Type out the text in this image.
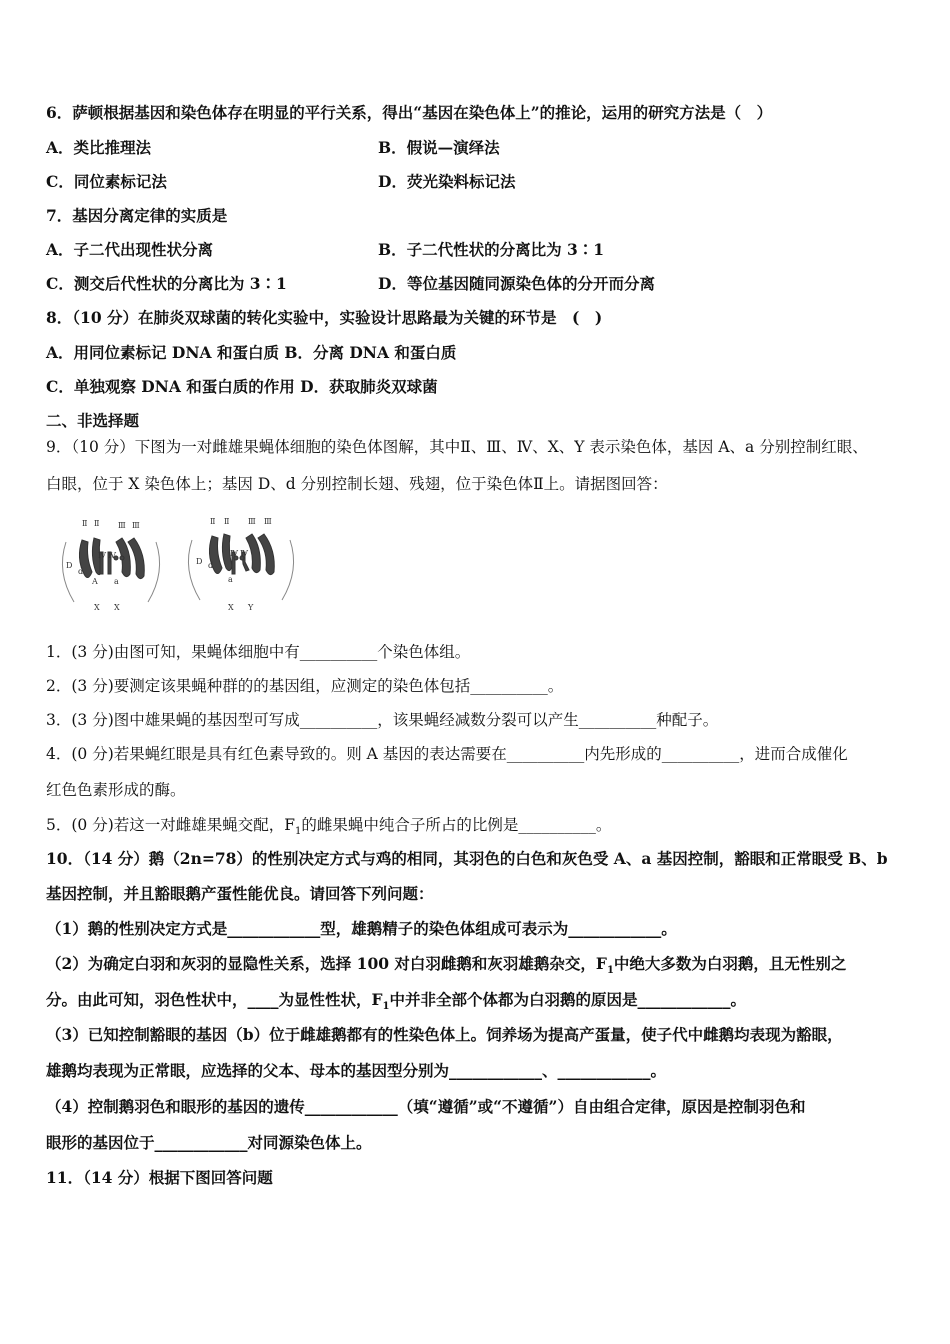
6．萨顿根据基因和染色体存在明显的平行关系，得出“基因在染色体上”的推论，运用的研究方法是（　）
A．类比推理法	B．假说—演绎法
C．同位素标记法	D．荧光染料标记法
7．基因分离定律的实质是
A．子二代出现性状分离	B．子二代性状的分离比为 3∶1
C．测交后代性状的分离比为 3∶1	D．等位基因随同源染色体的分开而分离
8．（10 分）在肺炎双球菌的转化实验中，实验设计思路最为关键的环节是　(　)
A．用同位素标记 DNA 和蛋白质 B．分离 DNA 和蛋白质
C．单独观察 DNA 和蛋白质的作用 D．获取肺炎双球菌
二、非选择题
9．（10 分）下图为一对雌雄果蝇体细胞的染色体图解，其中Ⅱ、Ⅲ、Ⅳ、X、Y 表示染色体，基因 A、a 分别控制红眼、
白眼，位于 X 染色体上；基因 D、d 分别控制长翅、残翅，位于染色体Ⅱ上。请据图回答：
Ⅱ Ⅱ Ⅲ Ⅲ
D
d
Ⅳ Ⅳ
A a
X X
Ⅱ Ⅱ Ⅲ Ⅲ
D d
Ⅳ Ⅳ
a
X Y
1．(3 分)由图可知，果蝇体细胞中有__________个染色体组。
2．(3 分)要测定该果蝇种群的的基因组，应测定的染色体包括__________。
3．(3 分)图中雄果蝇的基因型可写成__________，该果蝇经减数分裂可以产生__________种配子。
4．(0 分)若果蝇红眼是具有红色素导致的。则 A 基因的表达需要在__________内先形成的__________，进而合成催化
红色色素形成的酶。
5．(0 分)若这一对雌雄果蝇交配，$F_1$的雌果蝇中纯合子所占的比例是__________。
10．（14 分）鹅（2n=78）的性别决定方式与鸡的相同，其羽色的白色和灰色受 A、a 基因控制，豁眼和正常眼受 B、b
基因控制，并且豁眼鹅产蛋性能优良。请回答下列问题：
（1）鹅的性别决定方式是____________型，雄鹅精子的染色体组成可表示为____________。
（2）为确定白羽和灰羽的显隐性关系，选择 100 对白羽雌鹅和灰羽雄鹅杂交，$F_1$中绝大多数为白羽鹅，且无性别之
分。由此可知，羽色性状中，____为显性性状，$F_1$中并非全部个体都为白羽鹅的原因是____________。
（3）已知控制豁眼的基因（b）位于雌雄鹅都有的性染色体上。饲养场为提高产蛋量，使子代中雌鹅均表现为豁眼，
雄鹅均表现为正常眼，应选择的父本、母本的基因型分别为____________、____________。
（4）控制鹅羽色和眼形的基因的遗传____________（填“遵循”或“不遵循”）自由组合定律，原因是控制羽色和
眼形的基因位于____________对同源染色体上。
11．（14 分）根据下图回答问题
